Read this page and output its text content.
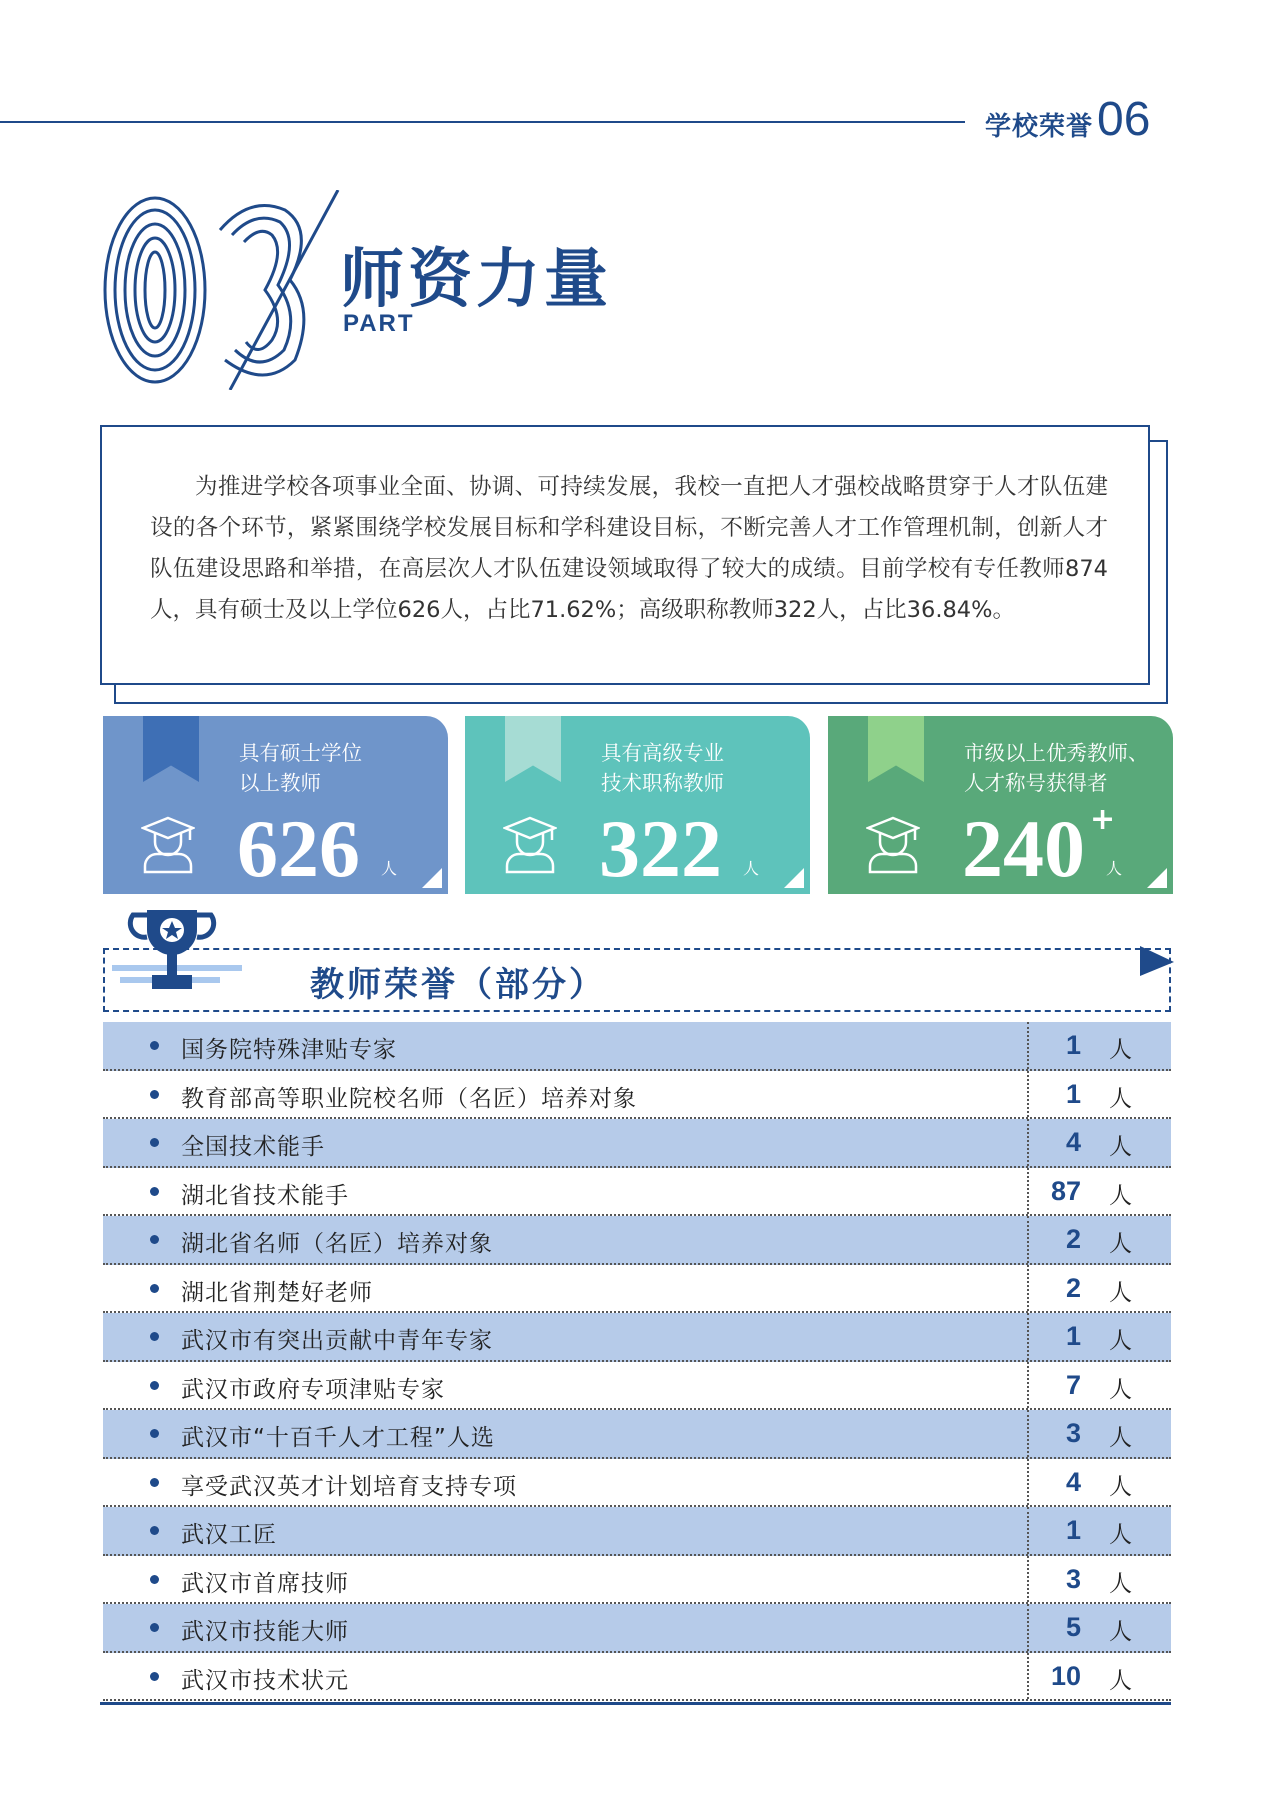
学校荣誉 06
师资力量
PART
为推进学校各项事业全面、协调、可持续发展，我校一直把人才强校战略贯穿于人才队伍建设的各个环节，紧紧围绕学校发展目标和学科建设目标，不断完善人才工作管理机制，创新人才队伍建设思路和举措，在高层次人才队伍建设领域取得了较大的成绩。目前学校有专任教师874人，具有硕士及以上学位626人，占比71.62%；高级职称教师322人，占比36.84%。
具有硕士学位
以上教师
626 人
具有高级专业
技术职称教师
322 人
市级以上优秀教师、
人才称号获得者
240 +
人
教师荣誉（部分）
国务院特殊津贴专家	1 人
教育部高等职业院校名师（名匠）培养对象	1 人
全国技术能手	4 人
湖北省技术能手	87 人
湖北省名师（名匠）培养对象	2 人
湖北省荆楚好老师	2 人
武汉市有突出贡献中青年专家	1 人
武汉市政府专项津贴专家	7 人
武汉市“十百千人才工程”人选	3 人
享受武汉英才计划培育支持专项	4 人
武汉工匠	1 人
武汉市首席技师	3 人
武汉市技能大师	5 人
武汉市技术状元	10 人
